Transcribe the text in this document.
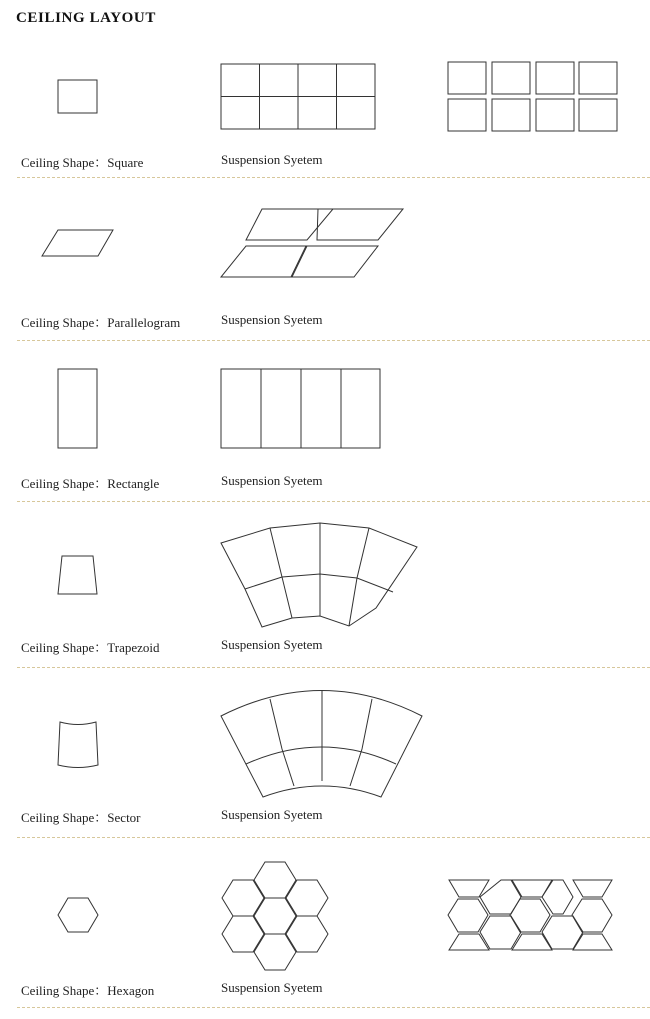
CEILING LAYOUT
Ceiling Shape：Square	Suspension Syetem
Ceiling Shape：Parallelogram	Suspension Syetem
Ceiling Shape：Rectangle	Suspension Syetem
Ceiling Shape：Trapezoid	Suspension Syetem
Ceiling Shape：Sector	Suspension Syetem
Ceiling Shape：Hexagon	Suspension Syetem
